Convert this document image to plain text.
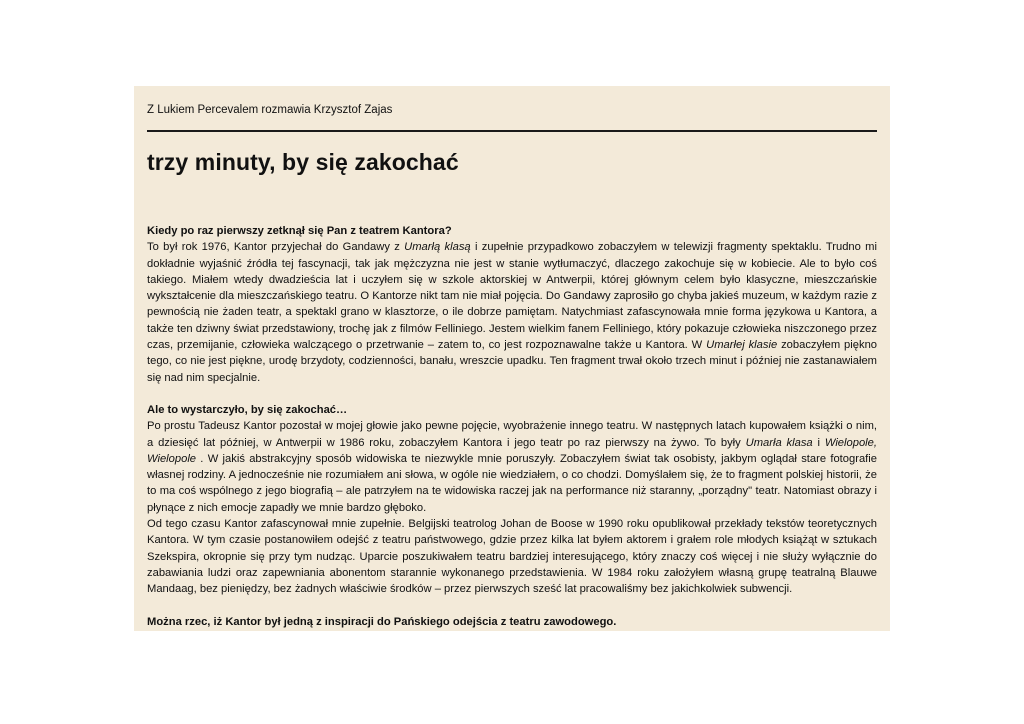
Z Lukiem Percevalem rozmawia Krzysztof Zajas

trzy minuty, by się zakochać

Kiedy po raz pierwszy zetknął się Pan z teatrem Kantora?

To był rok 1976, Kantor przyjechał do Gandawy z Umarłą klasą i zupełnie przypadkowo zobaczyłem w telewizji fragmenty spektaklu. Trudno mi dokładnie wyjaśnić źródła tej fascynacji, tak jak mężczyzna nie jest w stanie wytłumaczyć, dlaczego zakochuje się w kobiecie. Ale to było coś takiego. Miałem wtedy dwadzieścia lat i uczyłem się w szkole aktorskiej w Antwerpii, której głównym celem było klasyczne, mieszczańskie wykształcenie dla mieszczańskiego teatru. O Kantorze nikt tam nie miał pojęcia. Do Gandawy zaprosiło go chyba jakieś muzeum, w każdym razie z pewnością nie żaden teatr, a spektakl grano w klasztorze, o ile dobrze pamiętam. Natychmiast zafascynowała mnie forma językowa u Kantora, a także ten dziwny świat przedstawiony, trochę jak z filmów Felliniego. Jestem wielkim fanem Felliniego, który pokazuje człowieka niszczonego przez czas, przemijanie, człowieka walczącego o przetrwanie – zatem to, co jest rozpoznawalne także u Kantora. W Umarłej klasie zobaczyłem piękno tego, co nie jest piękne, urodę brzydoty, codzienności, banału, wreszcie upadku. Ten fragment trwał około trzech minut i później nie zastanawiałem się nad nim specjalnie.

Ale to wystarczyło, by się zakochać…

Po prostu Tadeusz Kantor pozostał w mojej głowie jako pewne pojęcie, wyobrażenie innego teatru. W następnych latach kupowałem książki o nim, a dziesięć lat później, w Antwerpii w 1986 roku, zobaczyłem Kantora i jego teatr po raz pierwszy na żywo. To były Umarła klasa i Wielopole, Wielopole . W jakiś abstrakcyjny sposób widowiska te niezwykle mnie poruszyły. Zobaczyłem świat tak osobisty, jakbym oglądał stare fotografie własnej rodziny. A jednocześnie nie rozumiałem ani słowa, w ogóle nie wiedziałem, o co chodzi. Domyślałem się, że to fragment polskiej historii, że to ma coś wspólnego z jego biografią – ale patrzyłem na te widowiska raczej jak na performance niż staranny, „porządny" teatr. Natomiast obrazy i płynące z nich emocje zapadły we mnie bardzo głęboko.

Od tego czasu Kantor zafascynował mnie zupełnie. Belgijski teatrolog Johan de Boose w 1990 roku opublikował przekłady tekstów teoretycznych Kantora. W tym czasie postanowiłem odejść z teatru państwowego, gdzie przez kilka lat byłem aktorem i grałem role młodych książąt w sztukach Szekspira, okropnie się przy tym nudząc. Uparcie poszukiwałem teatru bardziej interesującego, który znaczy coś więcej i nie służy wyłącznie do zabawiania ludzi oraz zapewniania abonentom starannie wykonanego przedstawienia. W 1984 roku założyłem własną grupę teatralną Blauwe Mandaag, bez pieniędzy, bez żadnych właściwie środków – przez pierwszych sześć lat pracowaliśmy bez jakichkolwiek subwencji.

Można rzec, iż Kantor był jedną z inspiracji do Pańskiego odejścia z teatru zawodowego.
